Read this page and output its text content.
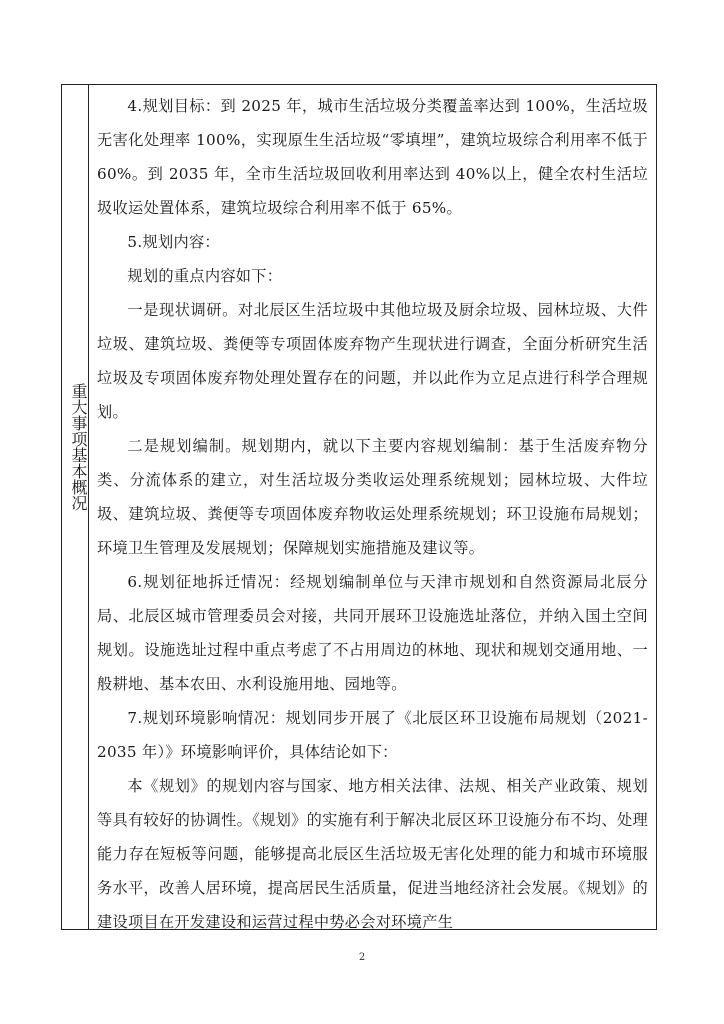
重大事项基本概况

4.规划目标：到 2025 年，城市生活垃圾分类覆盖率达到 100%，生活垃圾无害化处理率 100%，实现原生生活垃圾“零填埋”，建筑垃圾综合利用率不低于 60%。到 2035 年，全市生活垃圾回收利用率达到 40%以上，健全农村生活垃圾收运处置体系，建筑垃圾综合利用率不低于 65%。

5.规划内容：

规划的重点内容如下：

一是现状调研。对北辰区生活垃圾中其他垃圾及厨余垃圾、园林垃圾、大件垃圾、建筑垃圾、粪便等专项固体废弃物产生现状进行调查，全面分析研究生活垃圾及专项固体废弃物处理处置存在的问题，并以此作为立足点进行科学合理规划。

二是规划编制。规划期内，就以下主要内容规划编制：基于生活废弃物分类、分流体系的建立，对生活垃圾分类收运处理系统规划；园林垃圾、大件垃圾、建筑垃圾、粪便等专项固体废弃物收运处理系统规划；环卫设施布局规划；环境卫生管理及发展规划；保障规划实施措施及建议等。

6.规划征地拆迁情况：经规划编制单位与天津市规划和自然资源局北辰分局、北辰区城市管理委员会对接，共同开展环卫设施选址落位，并纳入国土空间规划。设施选址过程中重点考虑了不占用周边的林地、现状和规划交通用地、一般耕地、基本农田、水利设施用地、园地等。

7.规划环境影响情况：规划同步开展了《北辰区环卫设施布局规划（2021-2035 年）》环境影响评价，具体结论如下：

本《规划》的规划内容与国家、地方相关法律、法规、相关产业政策、规划等具有较好的协调性。《规划》的实施有利于解决北辰区环卫设施分布不均、处理能力存在短板等问题，能够提高北辰区生活垃圾无害化处理的能力和城市环境服务水平，改善人居环境，提高居民生活质量，促进当地经济社会发展。《规划》的建设项目在开发建设和运营过程中势必会对环境产生

2
